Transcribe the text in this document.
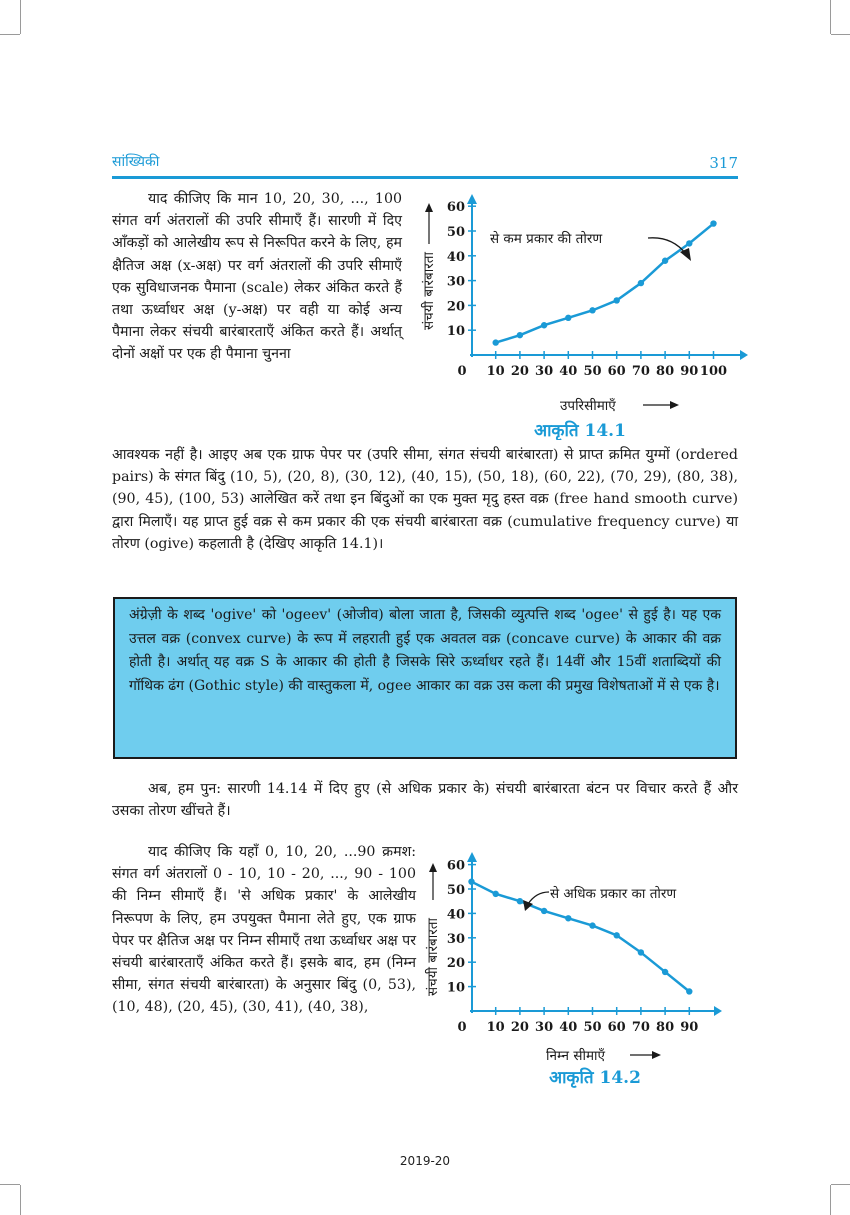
सांख्यिकी	317

याद कीजिए कि मान 10, 20, 30, ..., 100 संगत वर्ग अंतरालों की उपरि सीमाएँ हैं। सारणी में दिए आँकड़ों को आलेखीय रूप से निरूपित करने के लिए, हम क्षैतिज अक्ष (x-अक्ष) पर वर्ग अंतरालों की उपरि सीमाएँ एक सुविधाजनक पैमाना (scale) लेकर अंकित करते हैं तथा ऊर्ध्वाधर अक्ष (y-अक्ष) पर वही या कोई अन्य पैमाना लेकर संचयी बारंबारताएँ अंकित करते हैं। अर्थात् दोनों अक्षों पर एक ही पैमाना चुनना

0 10 20 30 40 50 60 70 80 90 100
10
20
30
40
50
60
संचयी बारंबारता
से कम प्रकार की तोरण
उपरिसीमाएँ
आकृति 14.1

आवश्यक नहीं है। आइए अब एक ग्राफ पेपर पर (उपरि सीमा, संगत संचयी बारंबारता) से प्राप्त क्रमित युग्मों (ordered pairs) के संगत बिंदु (10, 5), (20, 8), (30, 12), (40, 15), (50, 18), (60, 22), (70, 29), (80, 38), (90, 45), (100, 53) आलेखित करें तथा इन बिंदुओं का एक मुक्त मृदु हस्त वक्र (free hand smooth curve) द्वारा मिलाएँ। यह प्राप्त हुई वक्र से कम प्रकार की एक संचयी बारंबारता वक्र (cumulative frequency curve) या तोरण (ogive) कहलाती है (देखिए आकृति 14.1)।

अंग्रेज़ी के शब्द 'ogive' को 'ogeev' (ओजीव) बोला जाता है, जिसकी व्युत्पत्ति शब्द 'ogee' से हुई है। यह एक उत्तल वक्र (convex curve) के रूप में लहराती हुई एक अवतल वक्र (concave curve) के आकार की वक्र होती है। अर्थात् यह वक्र S के आकार की होती है जिसके सिरे ऊर्ध्वाधर रहते हैं। 14वीं और 15वीं शताब्दियों की गॉथिक ढंग (Gothic style) की वास्तुकला में, ogee आकार का वक्र उस कला की प्रमुख विशेषताओं में से एक है।

अब, हम पुन: सारणी 14.14 में दिए हुए (से अधिक प्रकार के) संचयी बारंबारता बंटन पर विचार करते हैं और उसका तोरण खींचते हैं।

याद कीजिए कि यहाँ 0, 10, 20, ...90 क्रमश: संगत वर्ग अंतरालों 0 - 10, 10 - 20, ..., 90 - 100 की निम्न सीमाएँ हैं। 'से अधिक प्रकार' के आलेखीय निरूपण के लिए, हम उपयुक्त पैमाना लेते हुए, एक ग्राफ पेपर पर क्षैतिज अक्ष पर निम्न सीमाएँ तथा ऊर्ध्वाधर अक्ष पर संचयी बारंबारताएँ अंकित करते हैं। इसके बाद, हम (निम्न सीमा, संगत संचयी बारंबारता) के अनुसार बिंदु (0, 53), (10, 48), (20, 45), (30, 41), (40, 38),

0 10 20 30 40 50 60 70 80 90
10
20
30
40
50
60
संचयी बारंबारता
से अधिक प्रकार का तोरण
निम्न सीमाएँ
आकृति 14.2
2019-20
